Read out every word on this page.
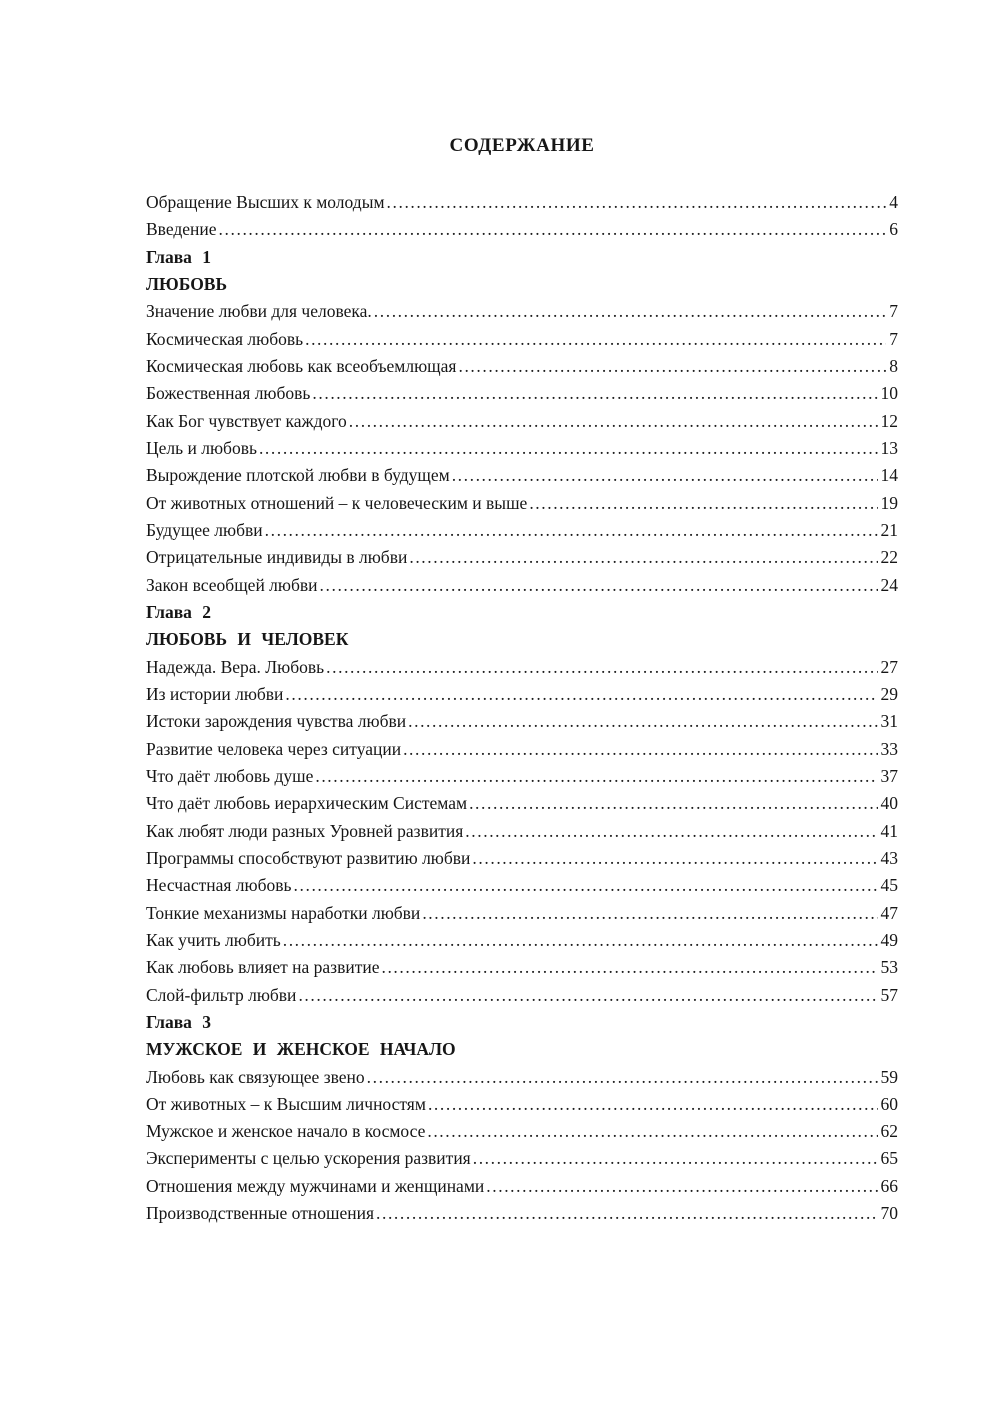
СОДЕРЖАНИЕ
Обращение Высших к молодым .....	4
Введение .....	6
Глава 1
ЛЮБОВЬ
Значение любви для человека. .....	7
Космическая любовь .....	7
Космическая любовь как всеобъемлющая .....	8
Божественная любовь .....	10
Как Бог чувствует каждого .....	12
Цель и любовь .....	13
Вырождение плотской любви в будущем .....	14
От животных отношений – к человеческим и выше .....	19
Будущее любви .....	21
Отрицательные индивиды в любви .....	22
Закон всеобщей любви .....	24
Глава 2
ЛЮБОВЬ И ЧЕЛОВЕК
Надежда. Вера. Любовь .....	27
Из истории любви .....	29
Истоки зарождения чувства любви .....	31
Развитие человека через ситуации .....	33
Что даёт любовь душе .....	37
Что даёт любовь иерархическим Системам .....	40
Как любят люди разных Уровней развития .....	41
Программы способствуют развитию любви .....	43
Несчастная любовь .....	45
Тонкие механизмы наработки любви .....	47
Как учить любить .....	49
Как любовь влияет на развитие .....	53
Слой-фильтр любви .....	57
Глава 3
МУЖСКОЕ И ЖЕНСКОЕ НАЧАЛО
Любовь как связующее звено .....	59
От животных – к Высшим личностям .....	60
Мужское и женское начало в космосе .....	62
Эксперименты с целью ускорения развития .....	65
Отношения между мужчинами и женщинами .....	66
Производственные отношения .....	70
